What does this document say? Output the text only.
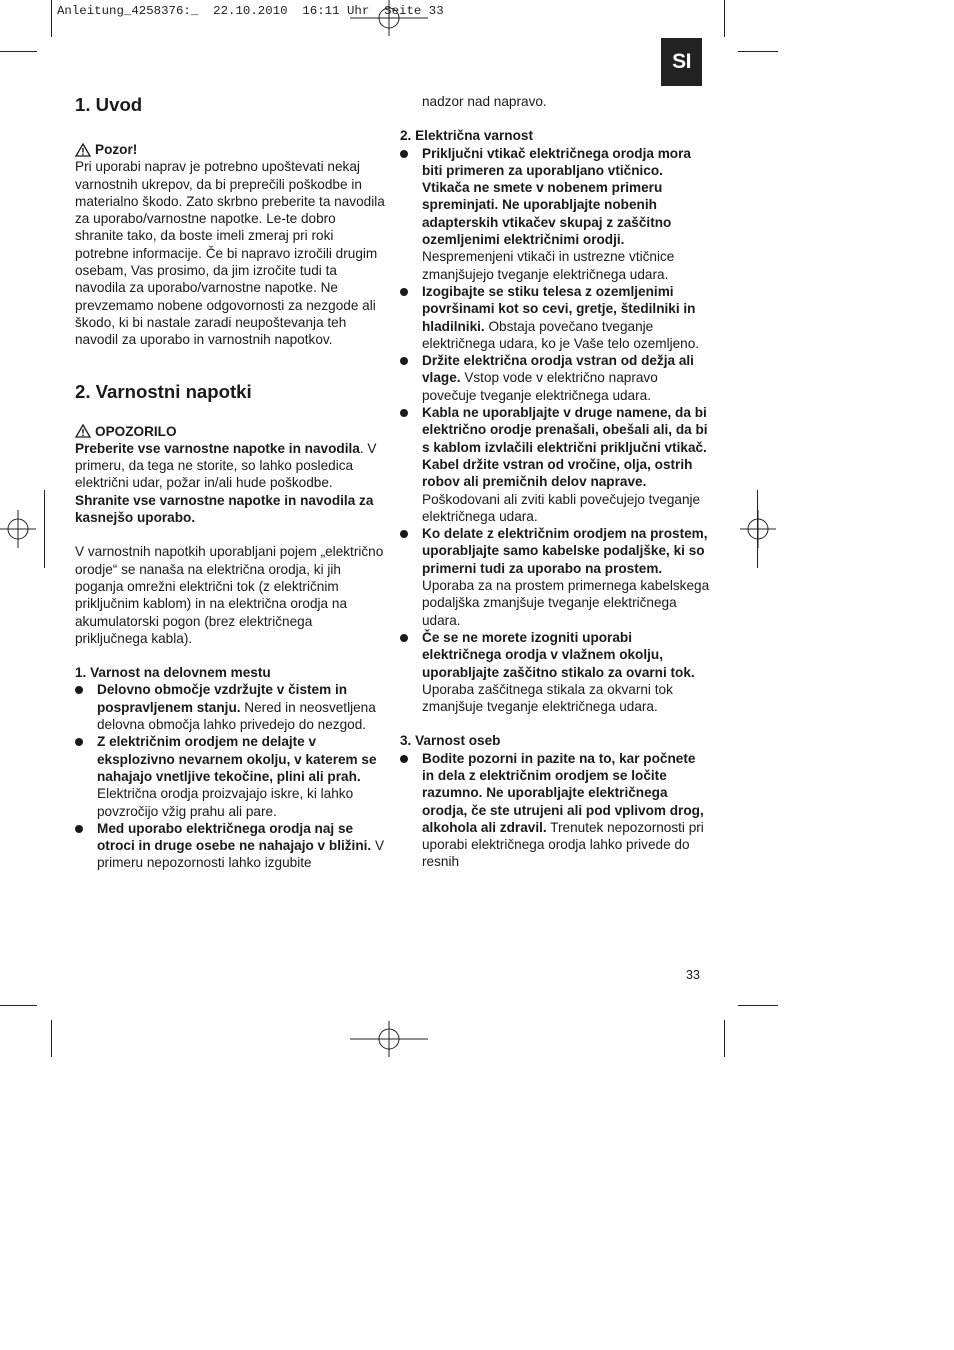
Anleitung_4258376:_  22.10.2010  16:11 Uhr  Seite 33
SI
1. Uvod

Pozor!

Pri uporabi naprav je potrebno upoštevati nekaj varnostnih ukrepov, da bi preprečili poškodbe in materialno škodo. Zato skrbno preberite ta navodila za uporabo/varnostne napotke. Le-te dobro shranite tako, da boste imeli zmeraj pri roki potrebne informacije. Če bi napravo izročili drugim osebam, Vas prosimo, da jim izročite tudi ta navodila za uporabo/varnostne napotke. Ne prevzemamo nobene odgovornosti za nezgode ali škodo, ki bi nastale zaradi neupoštevanja teh navodil za uporabo in varnostnih napotkov.

2. Varnostni napotki

OPOZORILO

Preberite vse varnostne napotke in navodila. V primeru, da tega ne storite, so lahko posledica električni udar, požar in/ali hude poškodbe. Shranite vse varnostne napotke in navodila za kasnejšo uporabo.

V varnostnih napotkih uporabljani pojem „električno orodje“ se nanaša na električna orodja, ki jih poganja omrežni električni tok (z električnim priključnim kablom) in na električna orodja na akumulatorski pogon (brez električnega priključnega kabla).

1. Varnost na delovnem mestu

Delovno območje vzdržujte v čistem in pospravljenem stanju. Nered in neosvetljena delovna območja lahko privedejo do nezgod.
Z električnim orodjem ne delajte v eksplozivno nevarnem okolju, v katerem se nahajajo vnetljive tekočine, plini ali prah. Električna orodja proizvajajo iskre, ki lahko povzročijo vžig prahu ali pare.
Med uporabo električnega orodja naj se otroci in druge osebe ne nahajajo v bližini. V primeru nepozornosti lahko izgubite

nadzor nad napravo.

2. Električna varnost

Priključni vtikač električnega orodja mora biti primeren za uporabljano vtičnico. Vtikača ne smete v nobenem primeru spreminjati. Ne uporabljajte nobenih adapterskih vtikačev skupaj z zaščitno ozemljenimi električnimi orodji. Nespremenjeni vtikači in ustrezne vtičnice zmanjšujejo tveganje električnega udara.
Izogibajte se stiku telesa z ozemljenimi površinami kot so cevi, gretje, štedilniki in hladilniki. Obstaja povečano tveganje električnega udara, ko je Vaše telo ozemljeno.
Držite električna orodja vstran od dežja ali vlage. Vstop vode v električno napravo povečuje tveganje električnega udara.
Kabla ne uporabljajte v druge namene, da bi električno orodje prenašali, obešali ali, da bi s kablom izvlačili električni priključni vtikač. Kabel držite vstran od vročine, olja, ostrih robov ali premičnih delov naprave. Poškodovani ali zviti kabli povečujejo tveganje električnega udara.
Ko delate z električnim orodjem na prostem, uporabljajte samo kabelske podaljške, ki so primerni tudi za uporabo na prostem. Uporaba za na prostem primernega kabelskega podaljška zmanjšuje tveganje električnega udara.
Če se ne morete izogniti uporabi električnega orodja v vlažnem okolju, uporabljajte zaščitno stikalo za ovarni tok. Uporaba zaščitnega stikala za okvarni tok zmanjšuje tveganje električnega udara.

3. Varnost oseb

Bodite pozorni in pazite na to, kar počnete in dela z električnim orodjem se ločite razumno. Ne uporabljajte električnega orodja, če ste utrujeni ali pod vplivom drog, alkohola ali zdravil. Trenutek nepozornosti pri uporabi električnega orodja lahko privede do resnih
33
